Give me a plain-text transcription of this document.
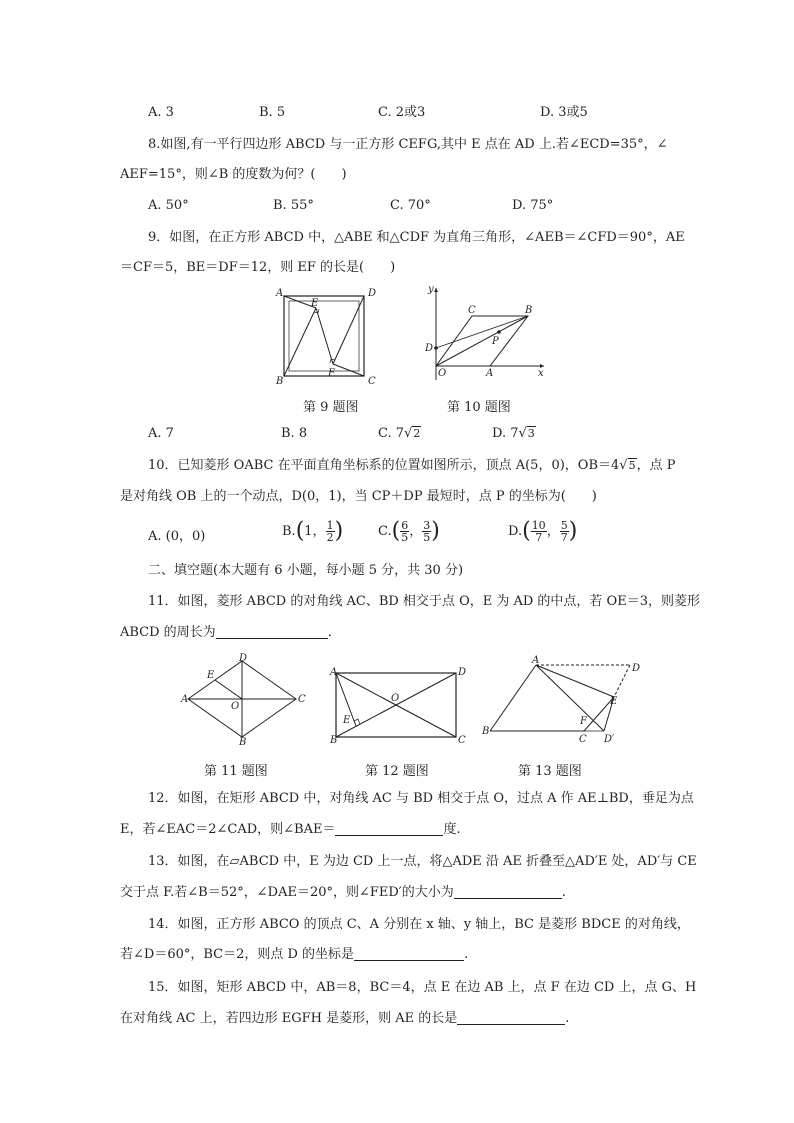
A. 3	B. 5	C. 2或3	D. 3或5
8.如图,有一平行四边形 ABCD 与一正方形 CEFG,其中 E 点在 AD 上.若∠ECD=35°，∠
AEF=15°，则∠B 的度数为何？(　　)
A. 50°	B. 55°	C. 70°	D. 75°
9．如图，在正方形 ABCD 中，△ABE 和△CDF 为直角三角形，∠AEB＝∠CFD＝90°，AE
＝CF＝5，BE＝DF＝12，则 EF 的长是(　　)
A	D
B	C
E
F
第 9 题图
y
x
O	A
B
C
D
P
第 10 题图
A. 7	B. 8	C. 7√2	D. 7√3
10．已知菱形 OABC 在平面直角坐标系的位置如图所示，顶点 A(5，0)，OB＝4√5，点 P
是对角线 OB 上的一个动点，D(0，1)，当 CP＋DP 最短时，点 P 的坐标为(　　)
A. (0，0)	B.(1， $\frac{1}{2}$ )	$C.( \frac{6}{5}$ ， $\frac{3}{5}$ )	$D.( \frac{10}{7}$ ， $\frac{5}{7}$ )
二、填空题(本大题有 6 小题，每小题 5 分，共 30 分)
11．如图，菱形 ABCD 的对角线 AC、BD 相交于点 O，E 为 AD 的中点，若 OE＝3，则菱形
ABCD 的周长为	．
A
D
C
B
E
O
第 11 题图
A	D
B	C
E
O
第 12 题图
A
D
E
F
B
C D′
第 13 题图
12．如图，在矩形 ABCD 中，对角线 AC 与 BD 相交于点 O，过点 A 作 AE⊥BD，垂足为点
E，若∠EAC＝2∠CAD，则∠BAE＝	度.
13．如图，在▱ABCD 中，E 为边 CD 上一点，将△ADE 沿 AE 折叠至△AD′E 处，AD′与 CE
交于点 F.若∠B＝52°，∠DAE＝20°，则∠FED′的大小为	.
14．如图，正方形 ABCO 的顶点 C、A 分别在 x 轴、y 轴上，BC 是菱形 BDCE 的对角线，
若∠D＝60°，BC＝2，则点 D 的坐标是	.
15．如图，矩形 ABCD 中，AB＝8，BC＝4，点 E 在边 AB 上，点 F 在边 CD 上，点 G、H
在对角线 AC 上，若四边形 EGFH 是菱形，则 AE 的长是	.
